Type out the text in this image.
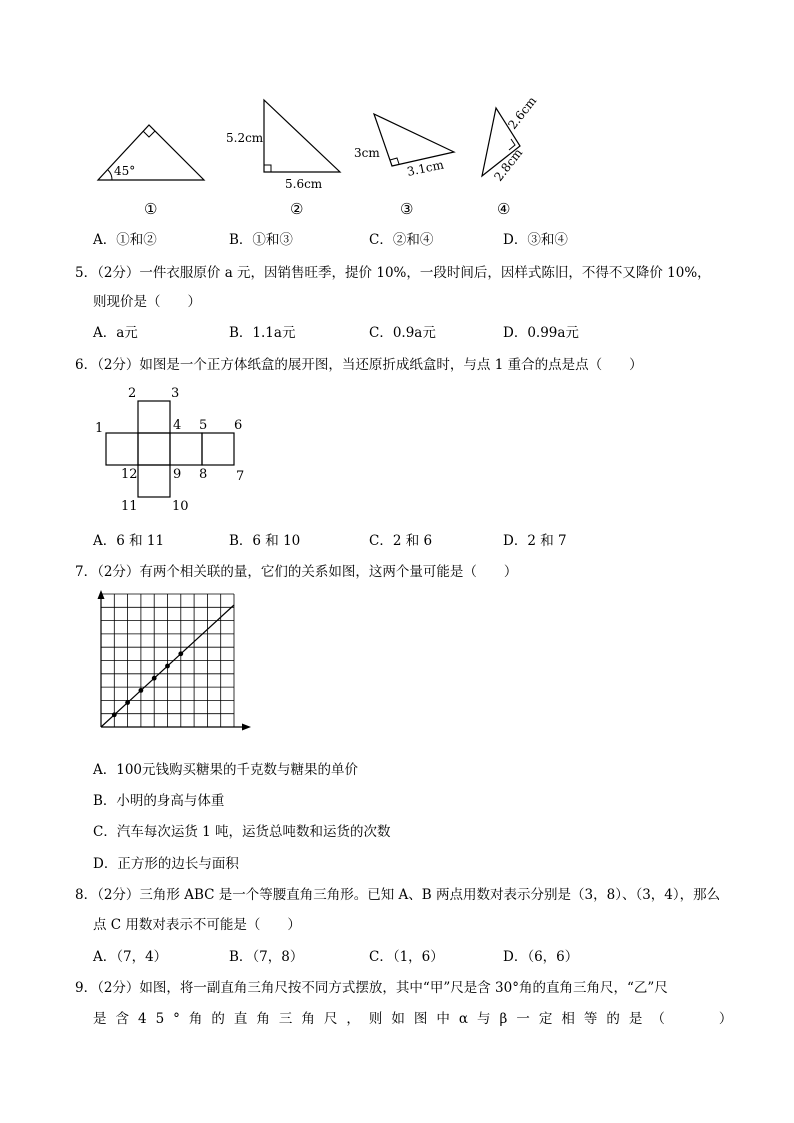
45°
5.2cm
5.6cm
3cm
3.1cm
2.6cm
2.8cm
①	②	③	④
A．①和②	B．①和③	C．②和④	D．③和④
5．（2分）一件衣服原价 a 元，因销售旺季，提价 10%，一段时间后，因样式陈旧，不得不又降价 10%，
则现价是（　　）
A．a元	B．1.1a元	C．0.9a元	D．0.99a元
6．（2分）如图是一个正方体纸盒的展开图，当还原折成纸盒时，与点 1 重合的点是点（　　）
1
2	3
4 5 6
7
8
9
10
11
12
A．6 和 11	B．6 和 10	C．2 和 6	D．2 和 7
7．（2分）有两个相关联的量，它们的关系如图，这两个量可能是（　　）
A．100元钱购买糖果的千克数与糖果的单价
B．小明的身高与体重
C．汽车每次运货 1 吨，运货总吨数和运货的次数
D．正方形的边长与面积
8．（2分）三角形 ABC 是一个等腰直角三角形。已知 A、B 两点用数对表示分别是（3，8）、（3，4），那么
点 C 用数对表示不可能是（　　）
A．（7，4）	B．（7，8）	C．（1，6）	D．（6，6）
9．（2分）如图，将一副直角三角尺按不同方式摆放，其中“甲”尺是含 30°角的直角三角尺，“乙”尺
是含45°角的直角三角尺，则如图中α与β一定相等的是（　　）
